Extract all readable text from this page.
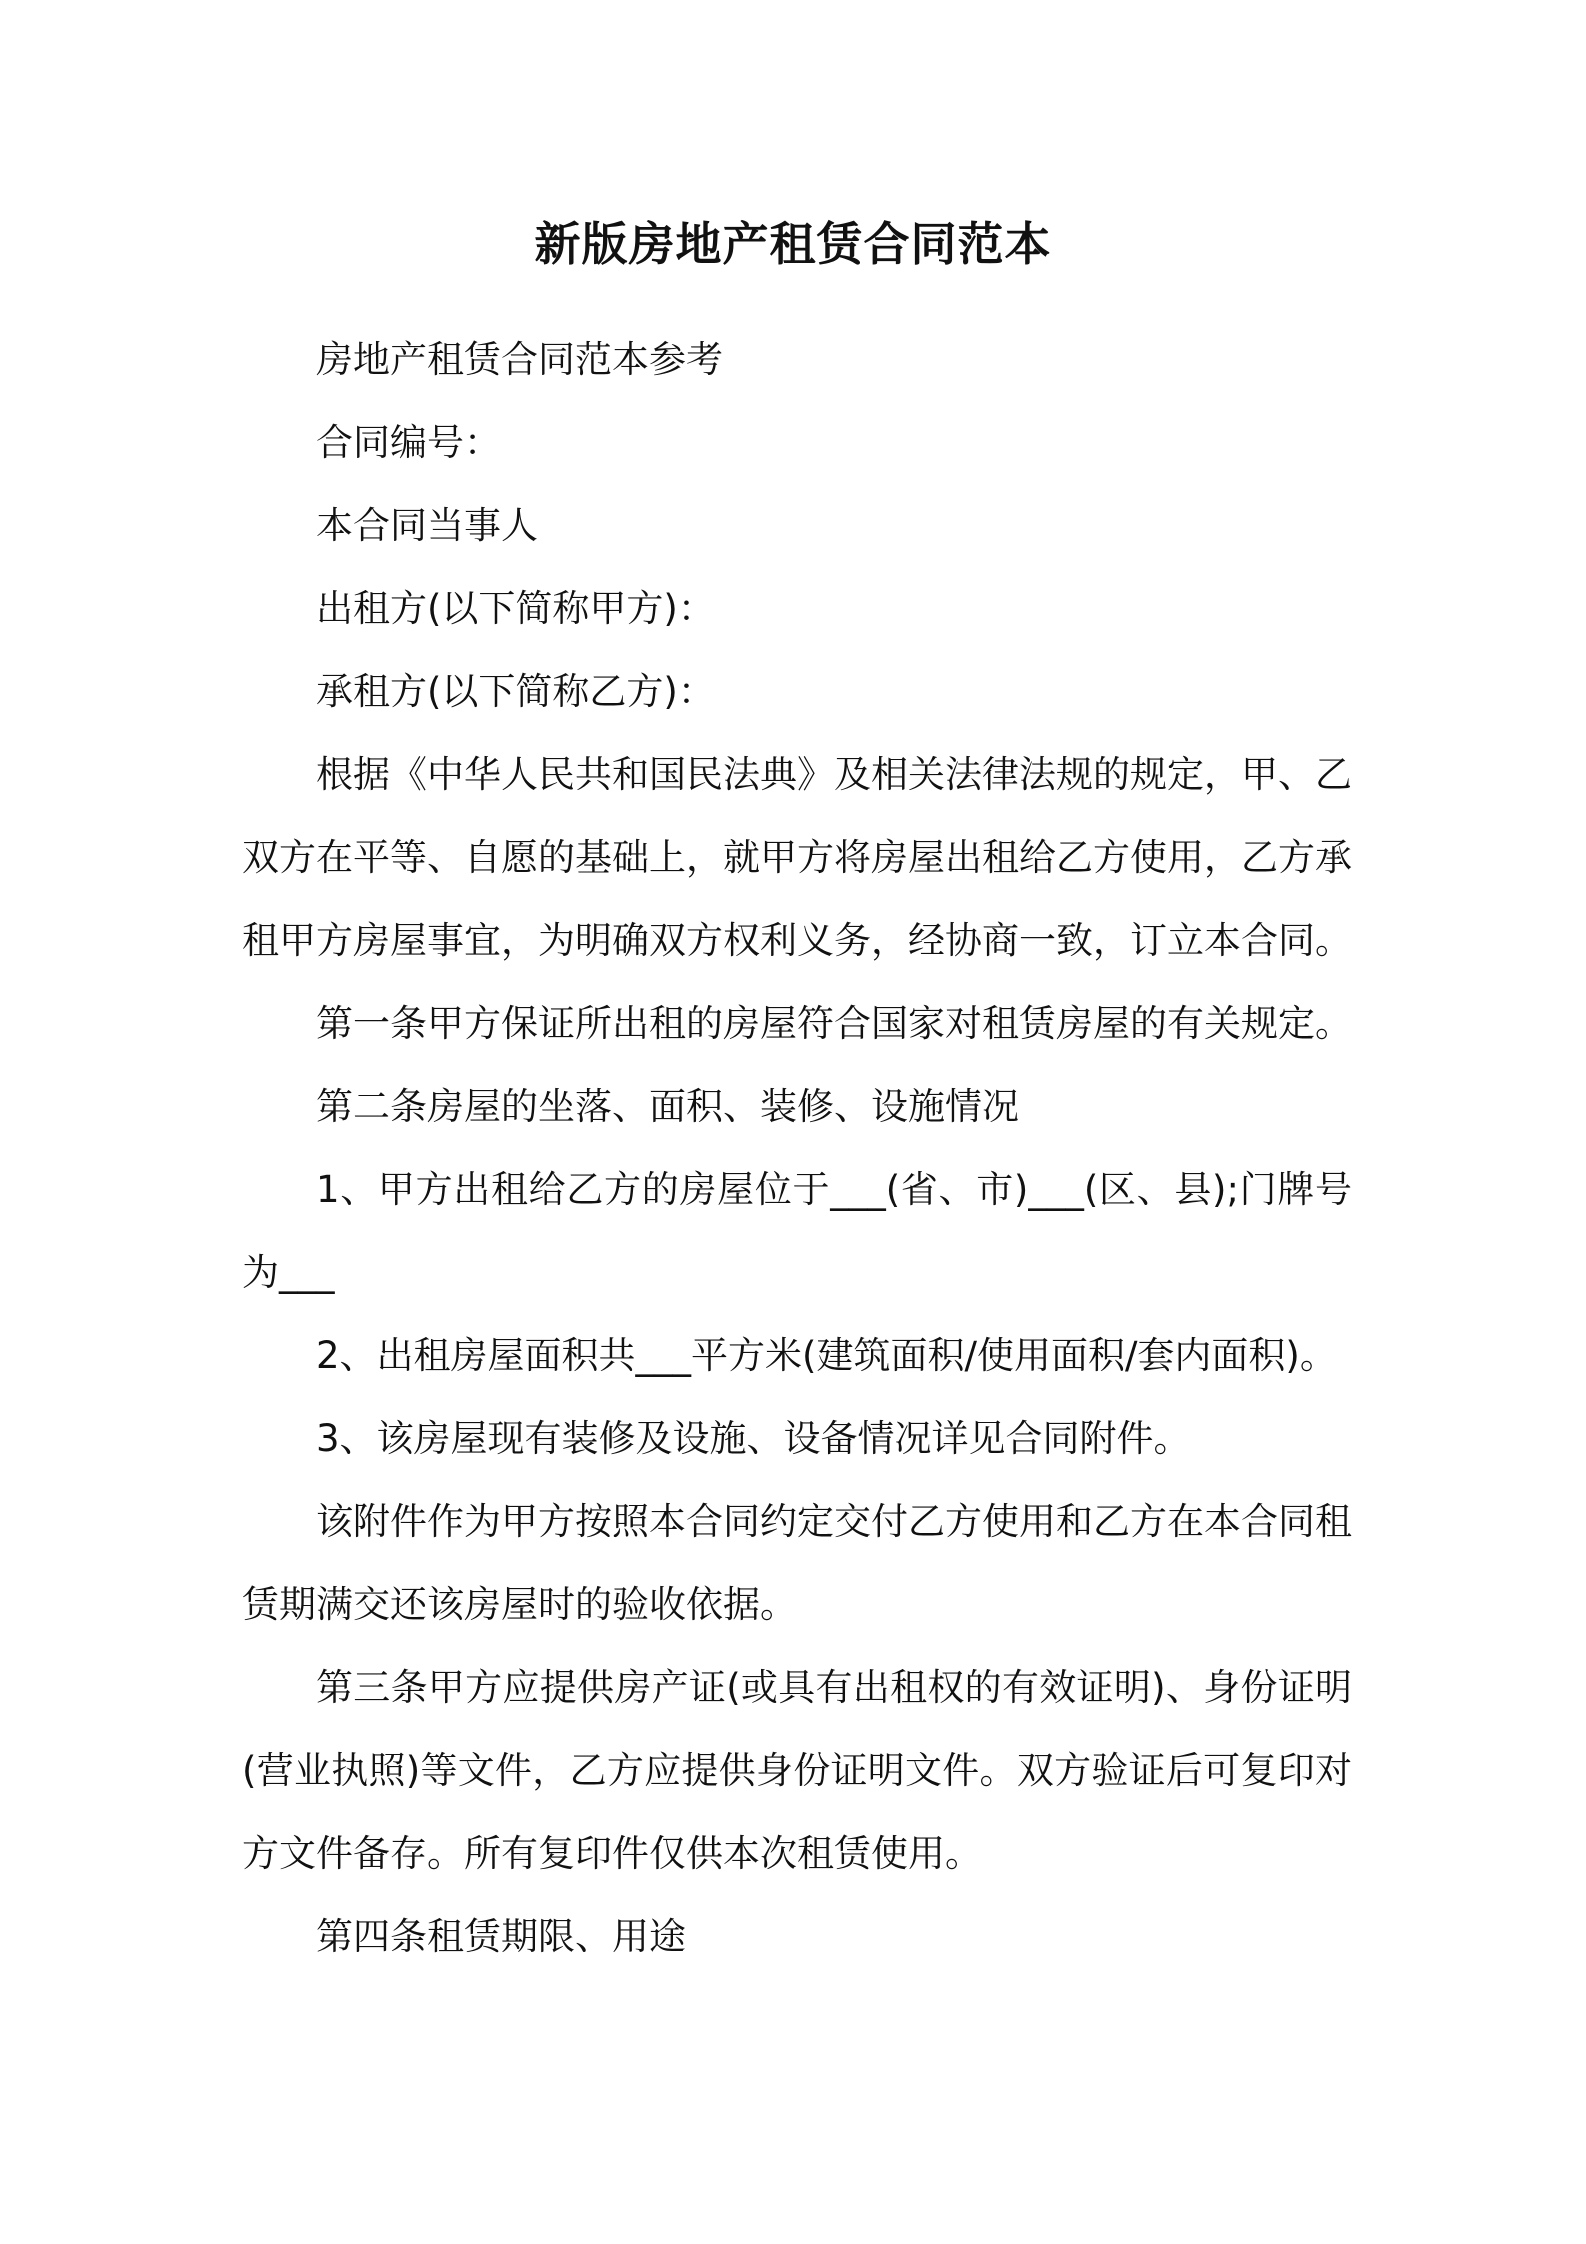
新版房地产租赁合同范本

房地产租赁合同范本参考

合同编号：

本合同当事人

出租方(以下简称甲方)：

承租方(以下简称乙方)：

根据《中华人民共和国民法典》及相关法律法规的规定，甲、乙双方在平等、自愿的基础上，就甲方将房屋出租给乙方使用，乙方承租甲方房屋事宜，为明确双方权利义务，经协商一致，订立本合同。

第一条甲方保证所出租的房屋符合国家对租赁房屋的有关规定。

第二条房屋的坐落、面积、装修、设施情况

1、甲方出租给乙方的房屋位于___(省、市)___(区、县);门牌号为___

2、出租房屋面积共___平方米(建筑面积/使用面积/套内面积)。

3、该房屋现有装修及设施、设备情况详见合同附件。

该附件作为甲方按照本合同约定交付乙方使用和乙方在本合同租赁期满交还该房屋时的验收依据。

第三条甲方应提供房产证(或具有出租权的有效证明)、身份证明(营业执照)等文件，乙方应提供身份证明文件。双方验证后可复印对方文件备存。所有复印件仅供本次租赁使用。

第四条租赁期限、用途
